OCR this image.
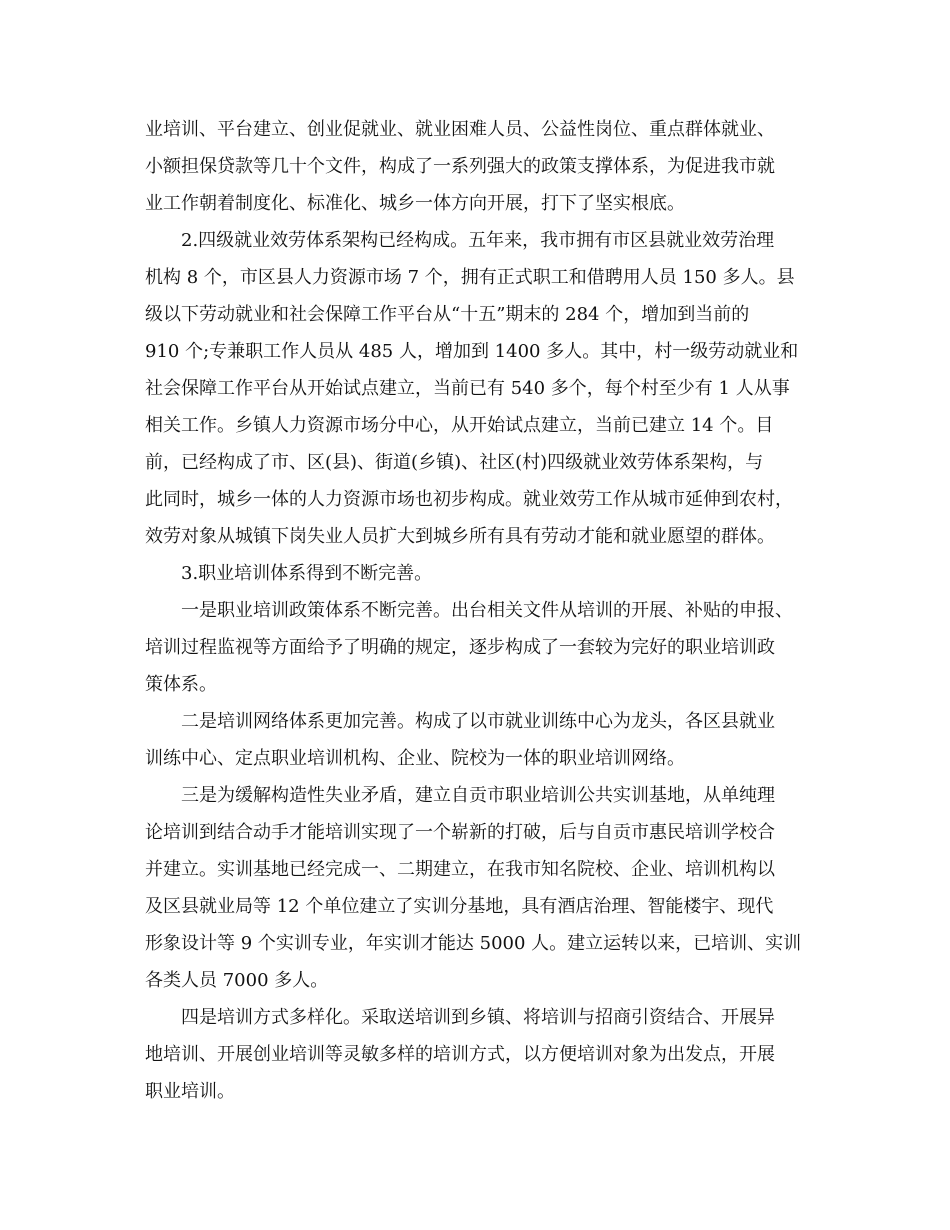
业培训、平台建立、创业促就业、就业困难人员、公益性岗位、重点群体就业、
小额担保贷款等几十个文件，构成了一系列强大的政策支撑体系，为促进我市就
业工作朝着制度化、标准化、城乡一体方向开展，打下了坚实根底。
2.四级就业效劳体系架构已经构成。五年来，我市拥有市区县就业效劳治理
机构 8 个，市区县人力资源市场 7 个，拥有正式职工和借聘用人员 150 多人。县
级以下劳动就业和社会保障工作平台从“十五”期末的 284 个，增加到当前的
910 个;专兼职工作人员从 485 人，增加到 1400 多人。其中，村一级劳动就业和
社会保障工作平台从开始试点建立，当前已有 540 多个，每个村至少有 1 人从事
相关工作。乡镇人力资源市场分中心，从开始试点建立，当前已建立 14 个。目
前，已经构成了市、区(县)、街道(乡镇)、社区(村)四级就业效劳体系架构，与
此同时，城乡一体的人力资源市场也初步构成。就业效劳工作从城市延伸到农村，
效劳对象从城镇下岗失业人员扩大到城乡所有具有劳动才能和就业愿望的群体。
3.职业培训体系得到不断完善。
一是职业培训政策体系不断完善。出台相关文件从培训的开展、补贴的申报、
培训过程监视等方面给予了明确的规定，逐步构成了一套较为完好的职业培训政
策体系。
二是培训网络体系更加完善。构成了以市就业训练中心为龙头，各区县就业
训练中心、定点职业培训机构、企业、院校为一体的职业培训网络。
三是为缓解构造性失业矛盾，建立自贡市职业培训公共实训基地，从单纯理
论培训到结合动手才能培训实现了一个崭新的打破，后与自贡市惠民培训学校合
并建立。实训基地已经完成一、二期建立，在我市知名院校、企业、培训机构以
及区县就业局等 12 个单位建立了实训分基地，具有酒店治理、智能楼宇、现代
形象设计等 9 个实训专业，年实训才能达 5000 人。建立运转以来，已培训、实训
各类人员 7000 多人。
四是培训方式多样化。采取送培训到乡镇、将培训与招商引资结合、开展异
地培训、开展创业培训等灵敏多样的培训方式，以方便培训对象为出发点，开展
职业培训。
